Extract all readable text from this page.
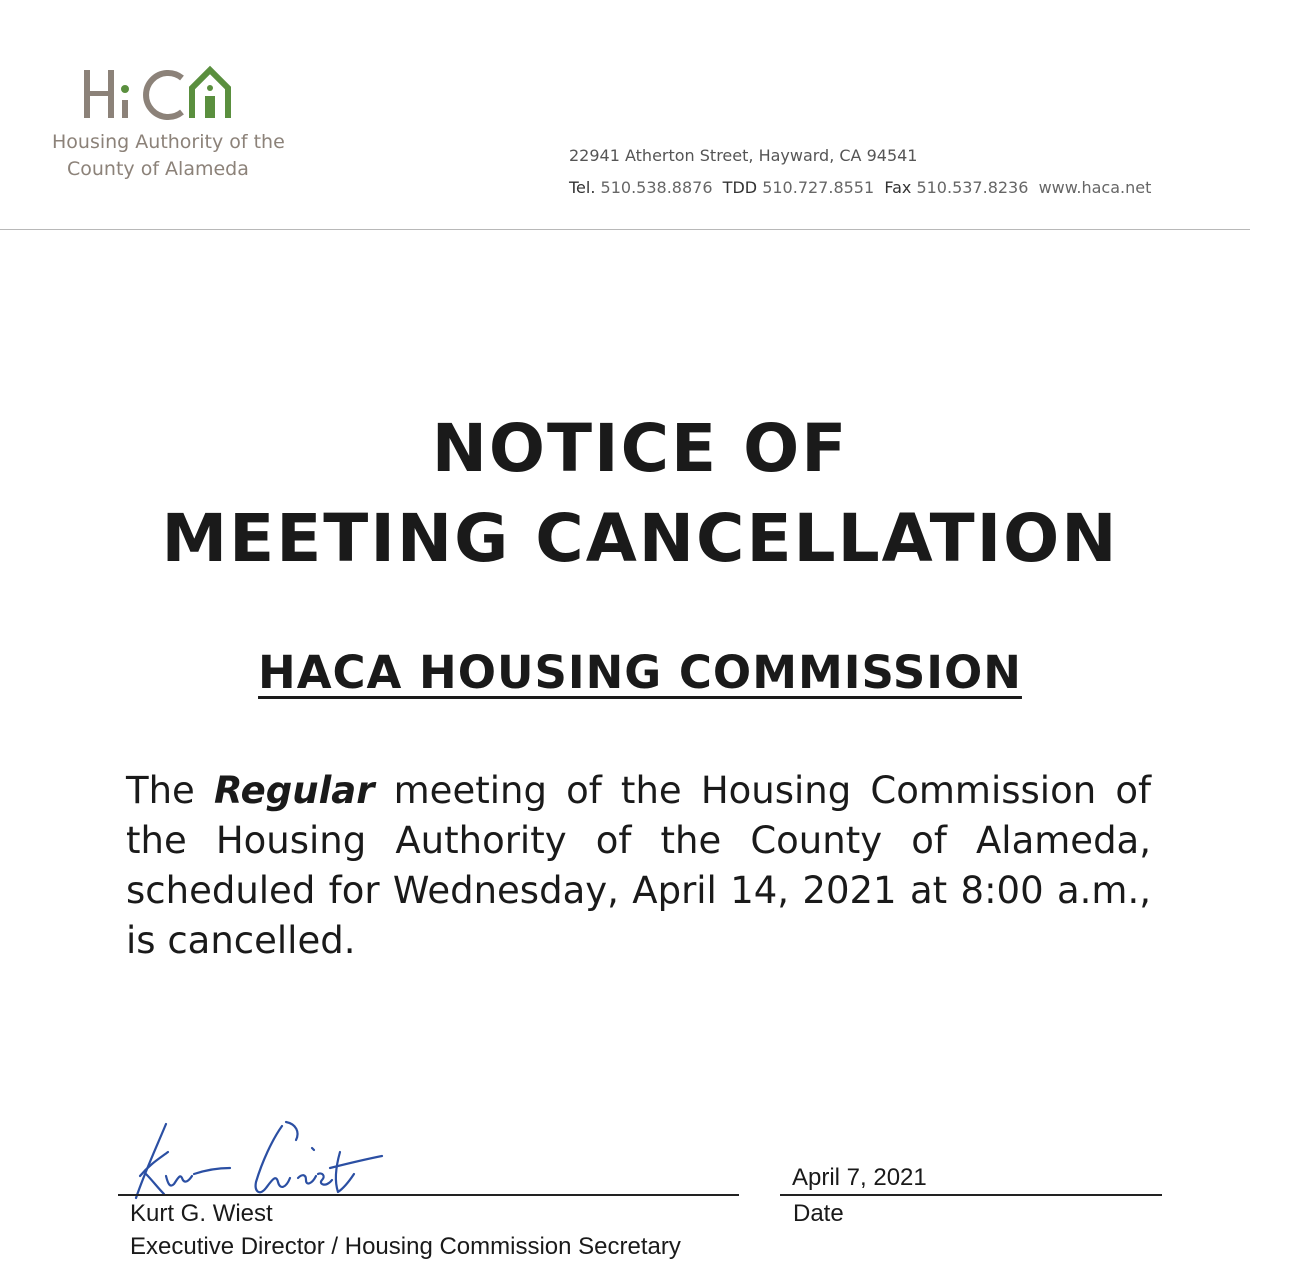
Housing Authority of the
County of Alameda
22941 Atherton Street, Hayward, CA 94541
Tel. 510.538.8876 TDD 510.727.8551 Fax 510.537.8236 www.haca.net
NOTICE OF
MEETING CANCELLATION
HACA HOUSING COMMISSION
The Regular meeting of the Housing Commission of the Housing Authority of the County of Alameda, scheduled for Wednesday, April 14, 2021 at 8:00 a.m., is cancelled.
April 7, 2021
Date
Kurt G. Wiest
Executive Director / Housing Commission Secretary
